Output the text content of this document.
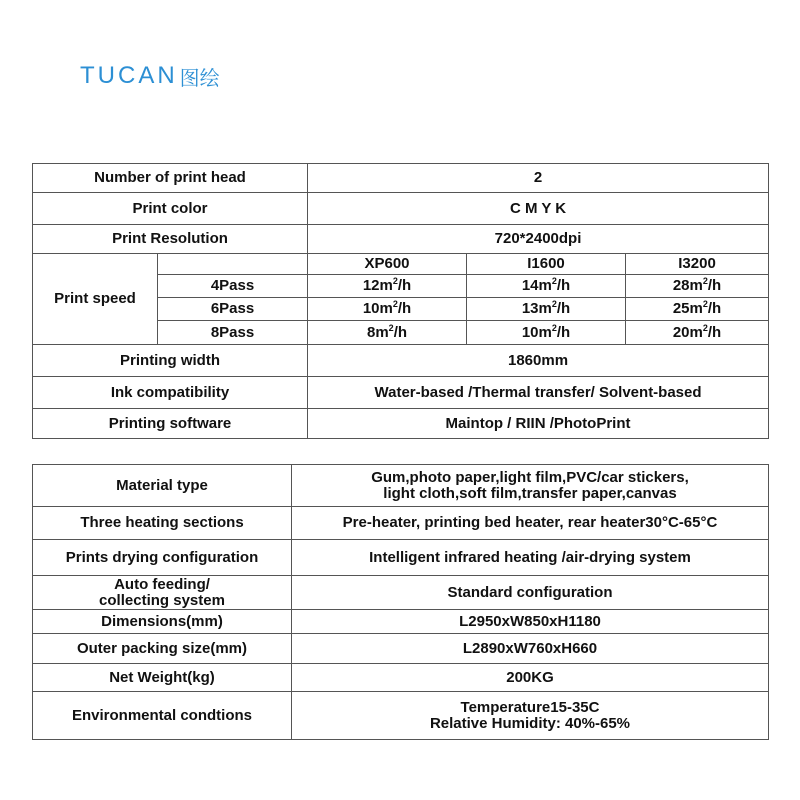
TUCAN 图绘
Number of print head		2		
Print color		C M Y K		
Print Resolution		720*2400dpi		
Print speed		XP600	I1600	I3200
	4Pass	$12m^2/h$	$14m^2/h$	$28m^2/h$
	6Pass	$10m^2/h$	$13m^2/h$	$25m^2/h$
	8Pass	$8m^2/h$	$10m^2/h$	$20m^2/h$
Printing width		1860mm		
Ink compatibility		Water-based /Thermal transfer/ Solvent-based		
Printing software		Maintop / RIIN /PhotoPrint		
Material type	Gum,photo paper,light film,PVC/car stickers,
light cloth,soft film,transfer paper,canvas
Three heating sections	Pre-heater, printing bed heater, rear heater30°C-65°C
Prints drying configuration	Intelligent infrared heating /air-drying system
Auto feeding/
collecting system	Standard configuration
Dimensions(mm)	L2950xW850xH1180
Outer packing size(mm)	L2890xW760xH660
Net Weight(kg)	200KG
Environmental condtions	Temperature15-35C
Relative Humidity: 40%-65%
